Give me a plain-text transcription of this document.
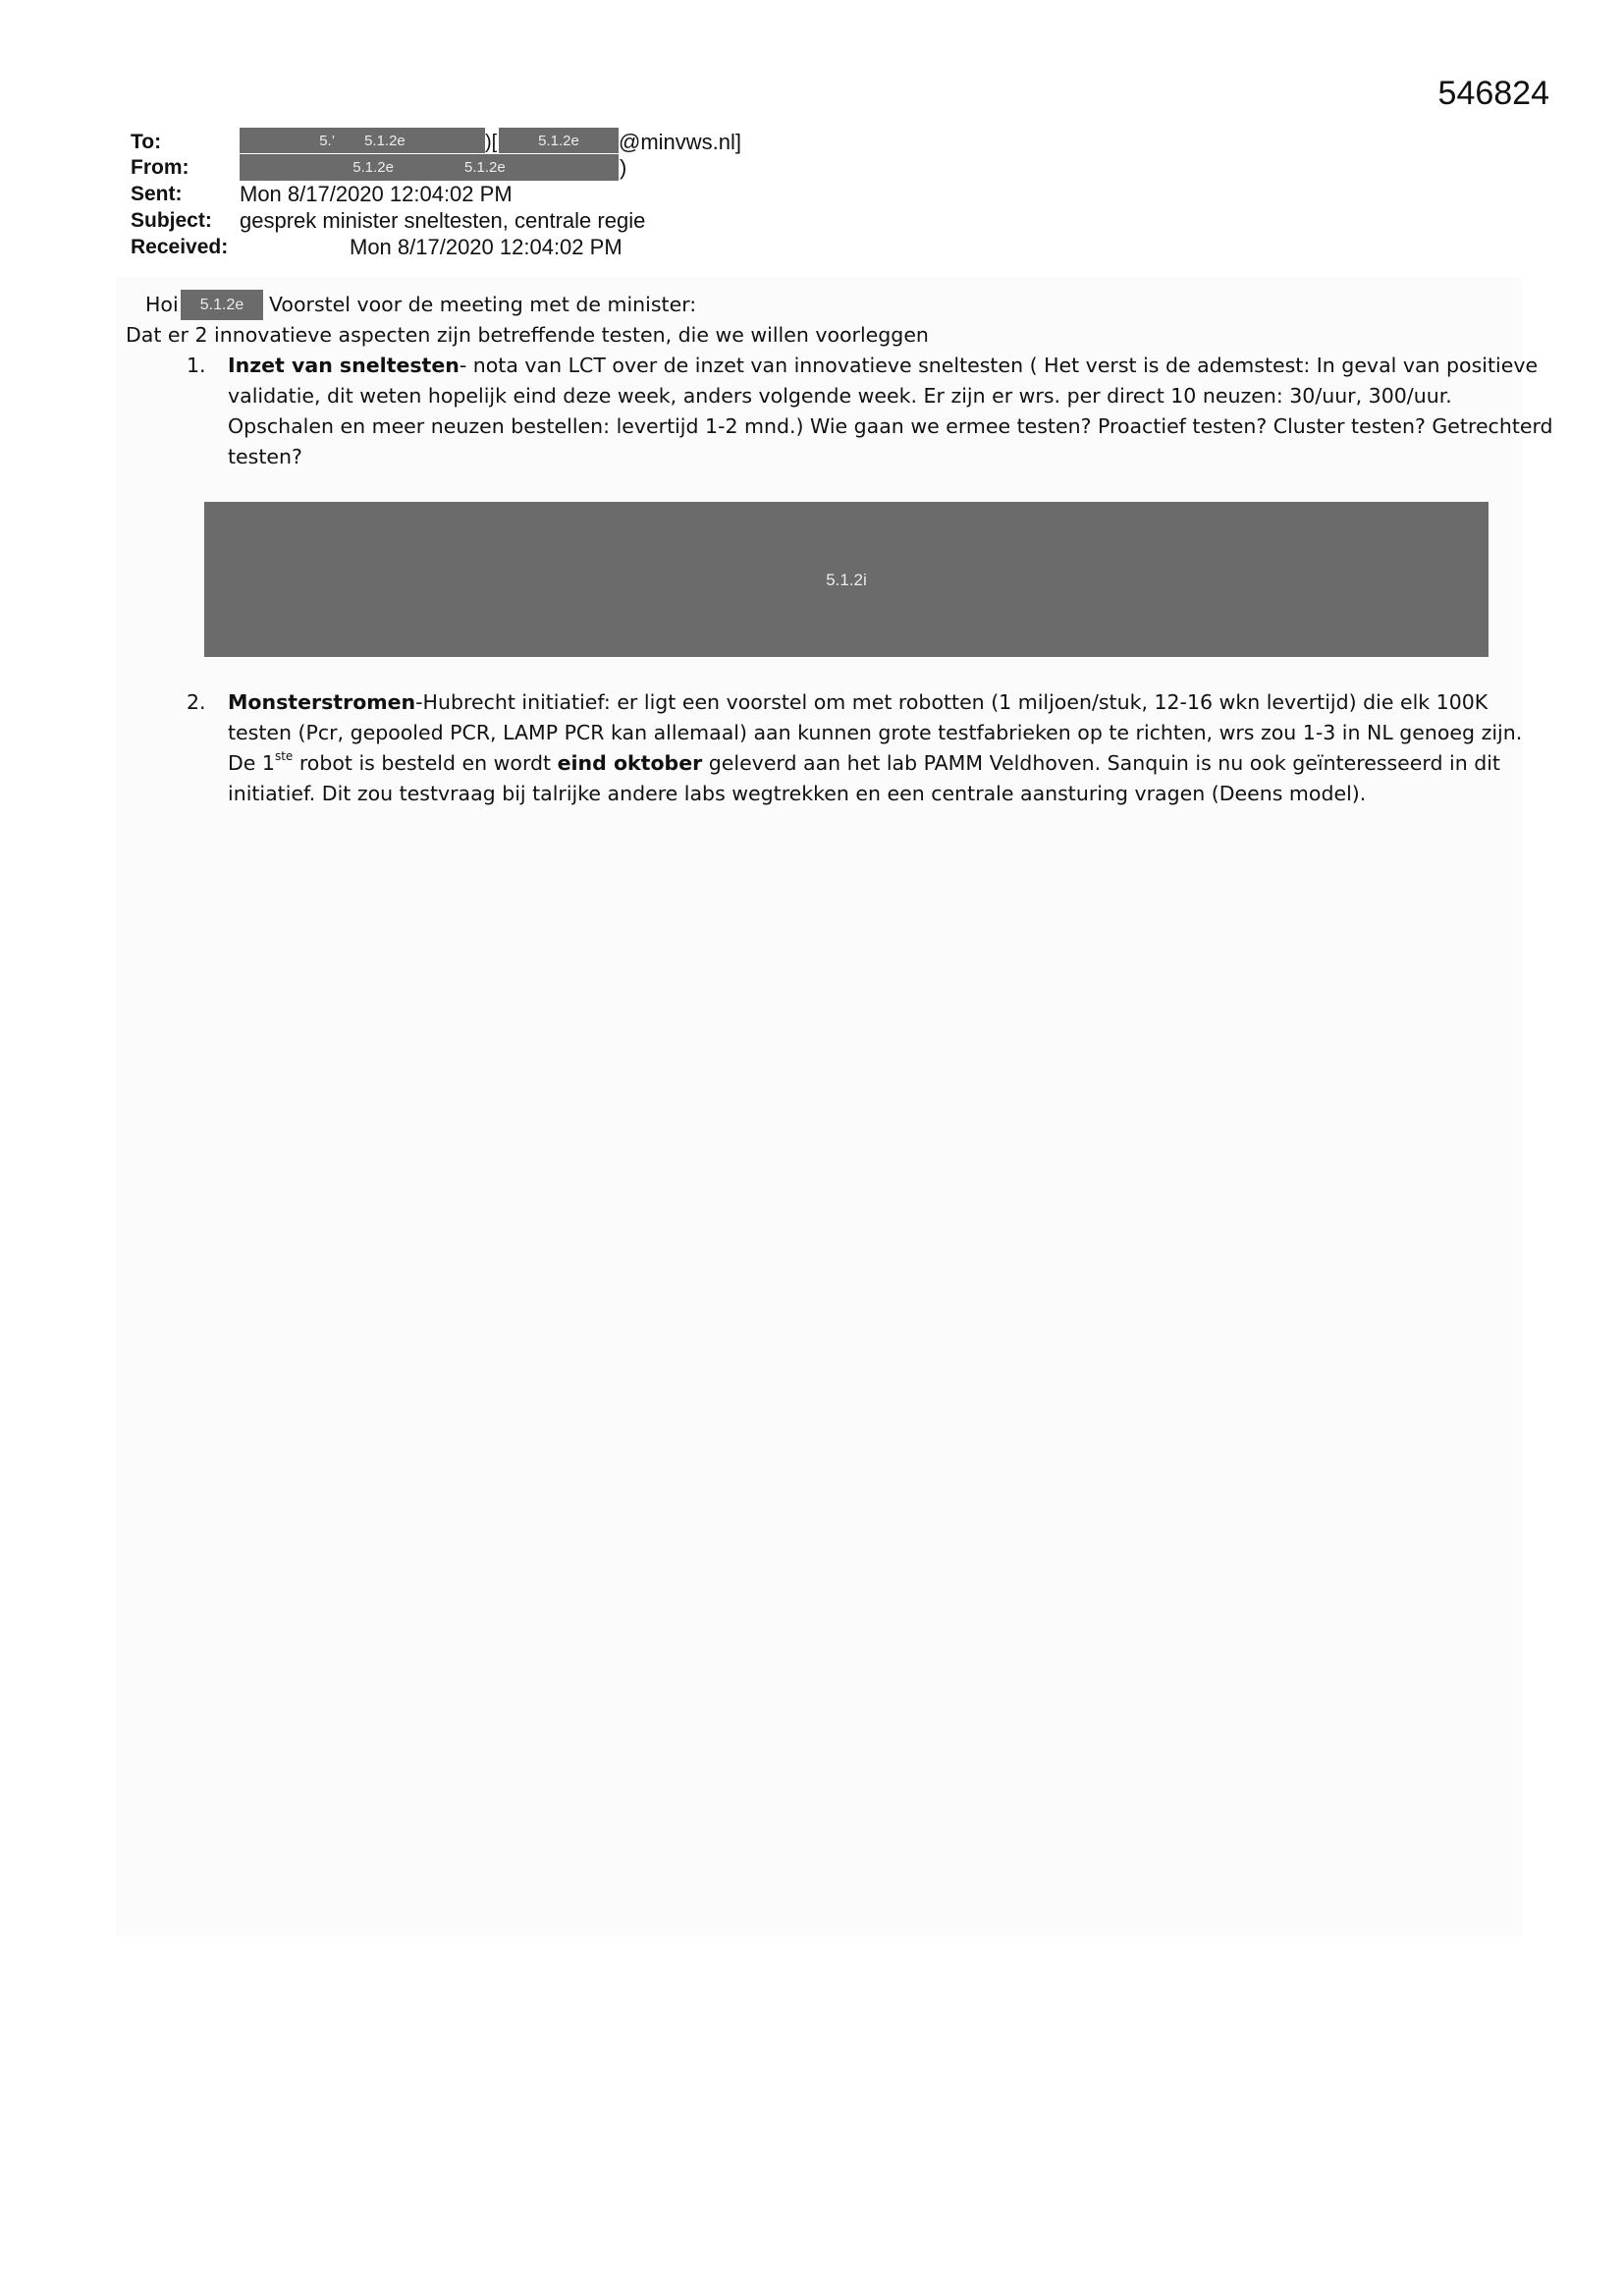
546824
To:	5.’ 5.1.2e	)[	5.1.2e	@minvws.nl]
From:	5.1.2e	5.1.2e	)
Sent:	Mon 8/17/2020 12:04:02 PM
Subject: gesprek minister sneltesten, centrale regie
Received:	Mon 8/17/2020 12:04:02 PM
Hoi	5.1.2e	Voorstel voor de meeting met de minister:
Dat er 2 innovatieve aspecten zijn betreffende testen, die we willen voorleggen
1. Inzet van sneltesten- nota van LCT over de inzet van innovatieve sneltesten ( Het verst is de ademstest: In geval van positieve validatie, dit weten hopelijk eind deze week, anders volgende week. Er zijn er wrs. per direct 10 neuzen: 30/uur, 300/uur. Opschalen en meer neuzen bestellen: levertijd 1-2 mnd.) Wie gaan we ermee testen? Proactief testen? Cluster testen? Getrechterd testen?
5.1.2i
2. Monsterstromen-Hubrecht initiatief: er ligt een voorstel om met robotten (1 miljoen/stuk, 12-16 wkn levertijd) die elk 100K testen (Pcr, gepooled PCR, LAMP PCR kan allemaal) aan kunnen grote testfabrieken op te richten, wrs zou 1-3 in NL genoeg zijn. De 1ste robot is besteld en wordt eind oktober geleverd aan het lab PAMM Veldhoven. Sanquin is nu ook geïnteresseerd in dit initiatief. Dit zou testvraag bij talrijke andere labs wegtrekken en een centrale aansturing vragen (Deens model).
